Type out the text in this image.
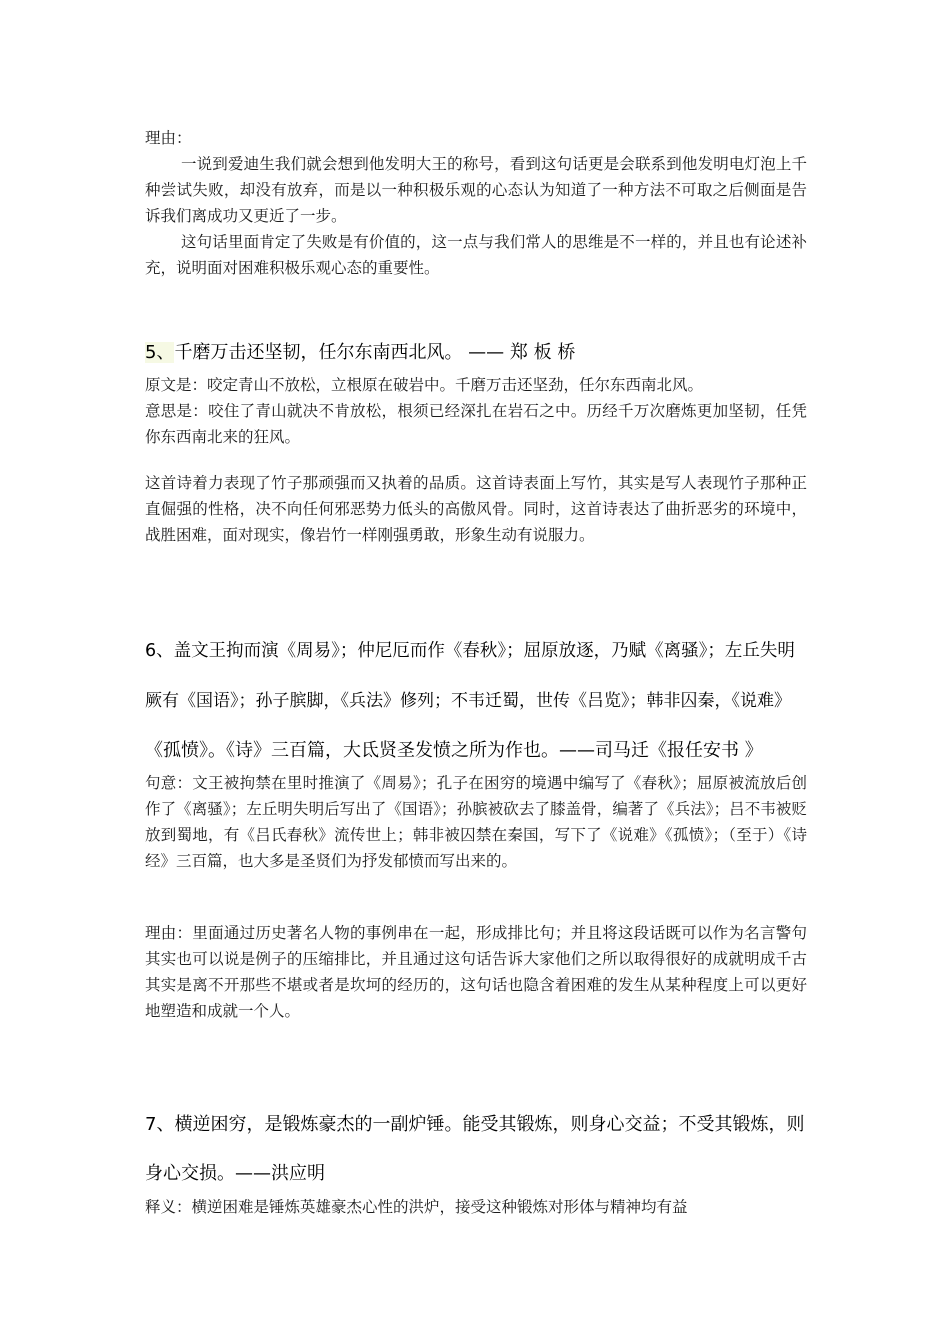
理由：

一说到爱迪生我们就会想到他发明大王的称号，看到这句话更是会联系到他发明电灯泡上千种尝试失败，却没有放弃，而是以一种积极乐观的心态认为知道了一种方法不可取之后侧面是告诉我们离成功又更近了一步。

这句话里面肯定了失败是有价值的，这一点与我们常人的思维是不一样的，并且也有论述补充，说明面对困难积极乐观心态的重要性。

5、千磨万击还坚韧，任尔东南西北风。 —— 郑 板 桥

原文是：咬定青山不放松，立根原在破岩中。千磨万击还坚劲，任尔东西南北风。

意思是：咬住了青山就决不肯放松，根须已经深扎在岩石之中。历经千万次磨炼更加坚韧，任凭你东西南北来的狂风。

这首诗着力表现了竹子那顽强而又执着的品质。这首诗表面上写竹，其实是写人表现竹子那种正直倔强的性格，决不向任何邪恶势力低头的高傲风骨。同时，这首诗表达了曲折恶劣的环境中，战胜困难，面对现实，像岩竹一样刚强勇敢，形象生动有说服力。

6、盖文王拘而演《周易》；仲尼厄而作《春秋》；屈原放逐，乃赋《离骚》；左丘失明
厥有《国语》；孙子膑脚，《兵法》修列；不韦迁蜀，世传《吕览》；韩非囚秦，《说难》
《孤愤》。《诗》三百篇，大氐贤圣发愤之所为作也。——司马迁《报任安书 》

句意：文王被拘禁在里时推演了《周易》；孔子在困穷的境遇中编写了《春秋》；屈原被流放后创作了《离骚》；左丘明失明后写出了《国语》；孙膑被砍去了膝盖骨，编著了《兵法》；吕不韦被贬放到蜀地，有《吕氏春秋》流传世上；韩非被囚禁在秦国，写下了《说难》《孤愤》；（至于）《诗经》三百篇，也大多是圣贤们为抒发郁愤而写出来的。

理由：里面通过历史著名人物的事例串在一起，形成排比句；并且将这段话既可以作为名言警句其实也可以说是例子的压缩排比，并且通过这句话告诉大家他们之所以取得很好的成就明成千古其实是离不开那些不堪或者是坎坷的经历的，这句话也隐含着困难的发生从某种程度上可以更好地塑造和成就一个人。

7、横逆困穷，是锻炼豪杰的一副炉锤。能受其锻炼，则身心交益；不受其锻炼，则
身心交损。——洪应明

释义：横逆困难是锤炼英雄豪杰心性的洪炉，接受这种锻炼对形体与精神均有益
